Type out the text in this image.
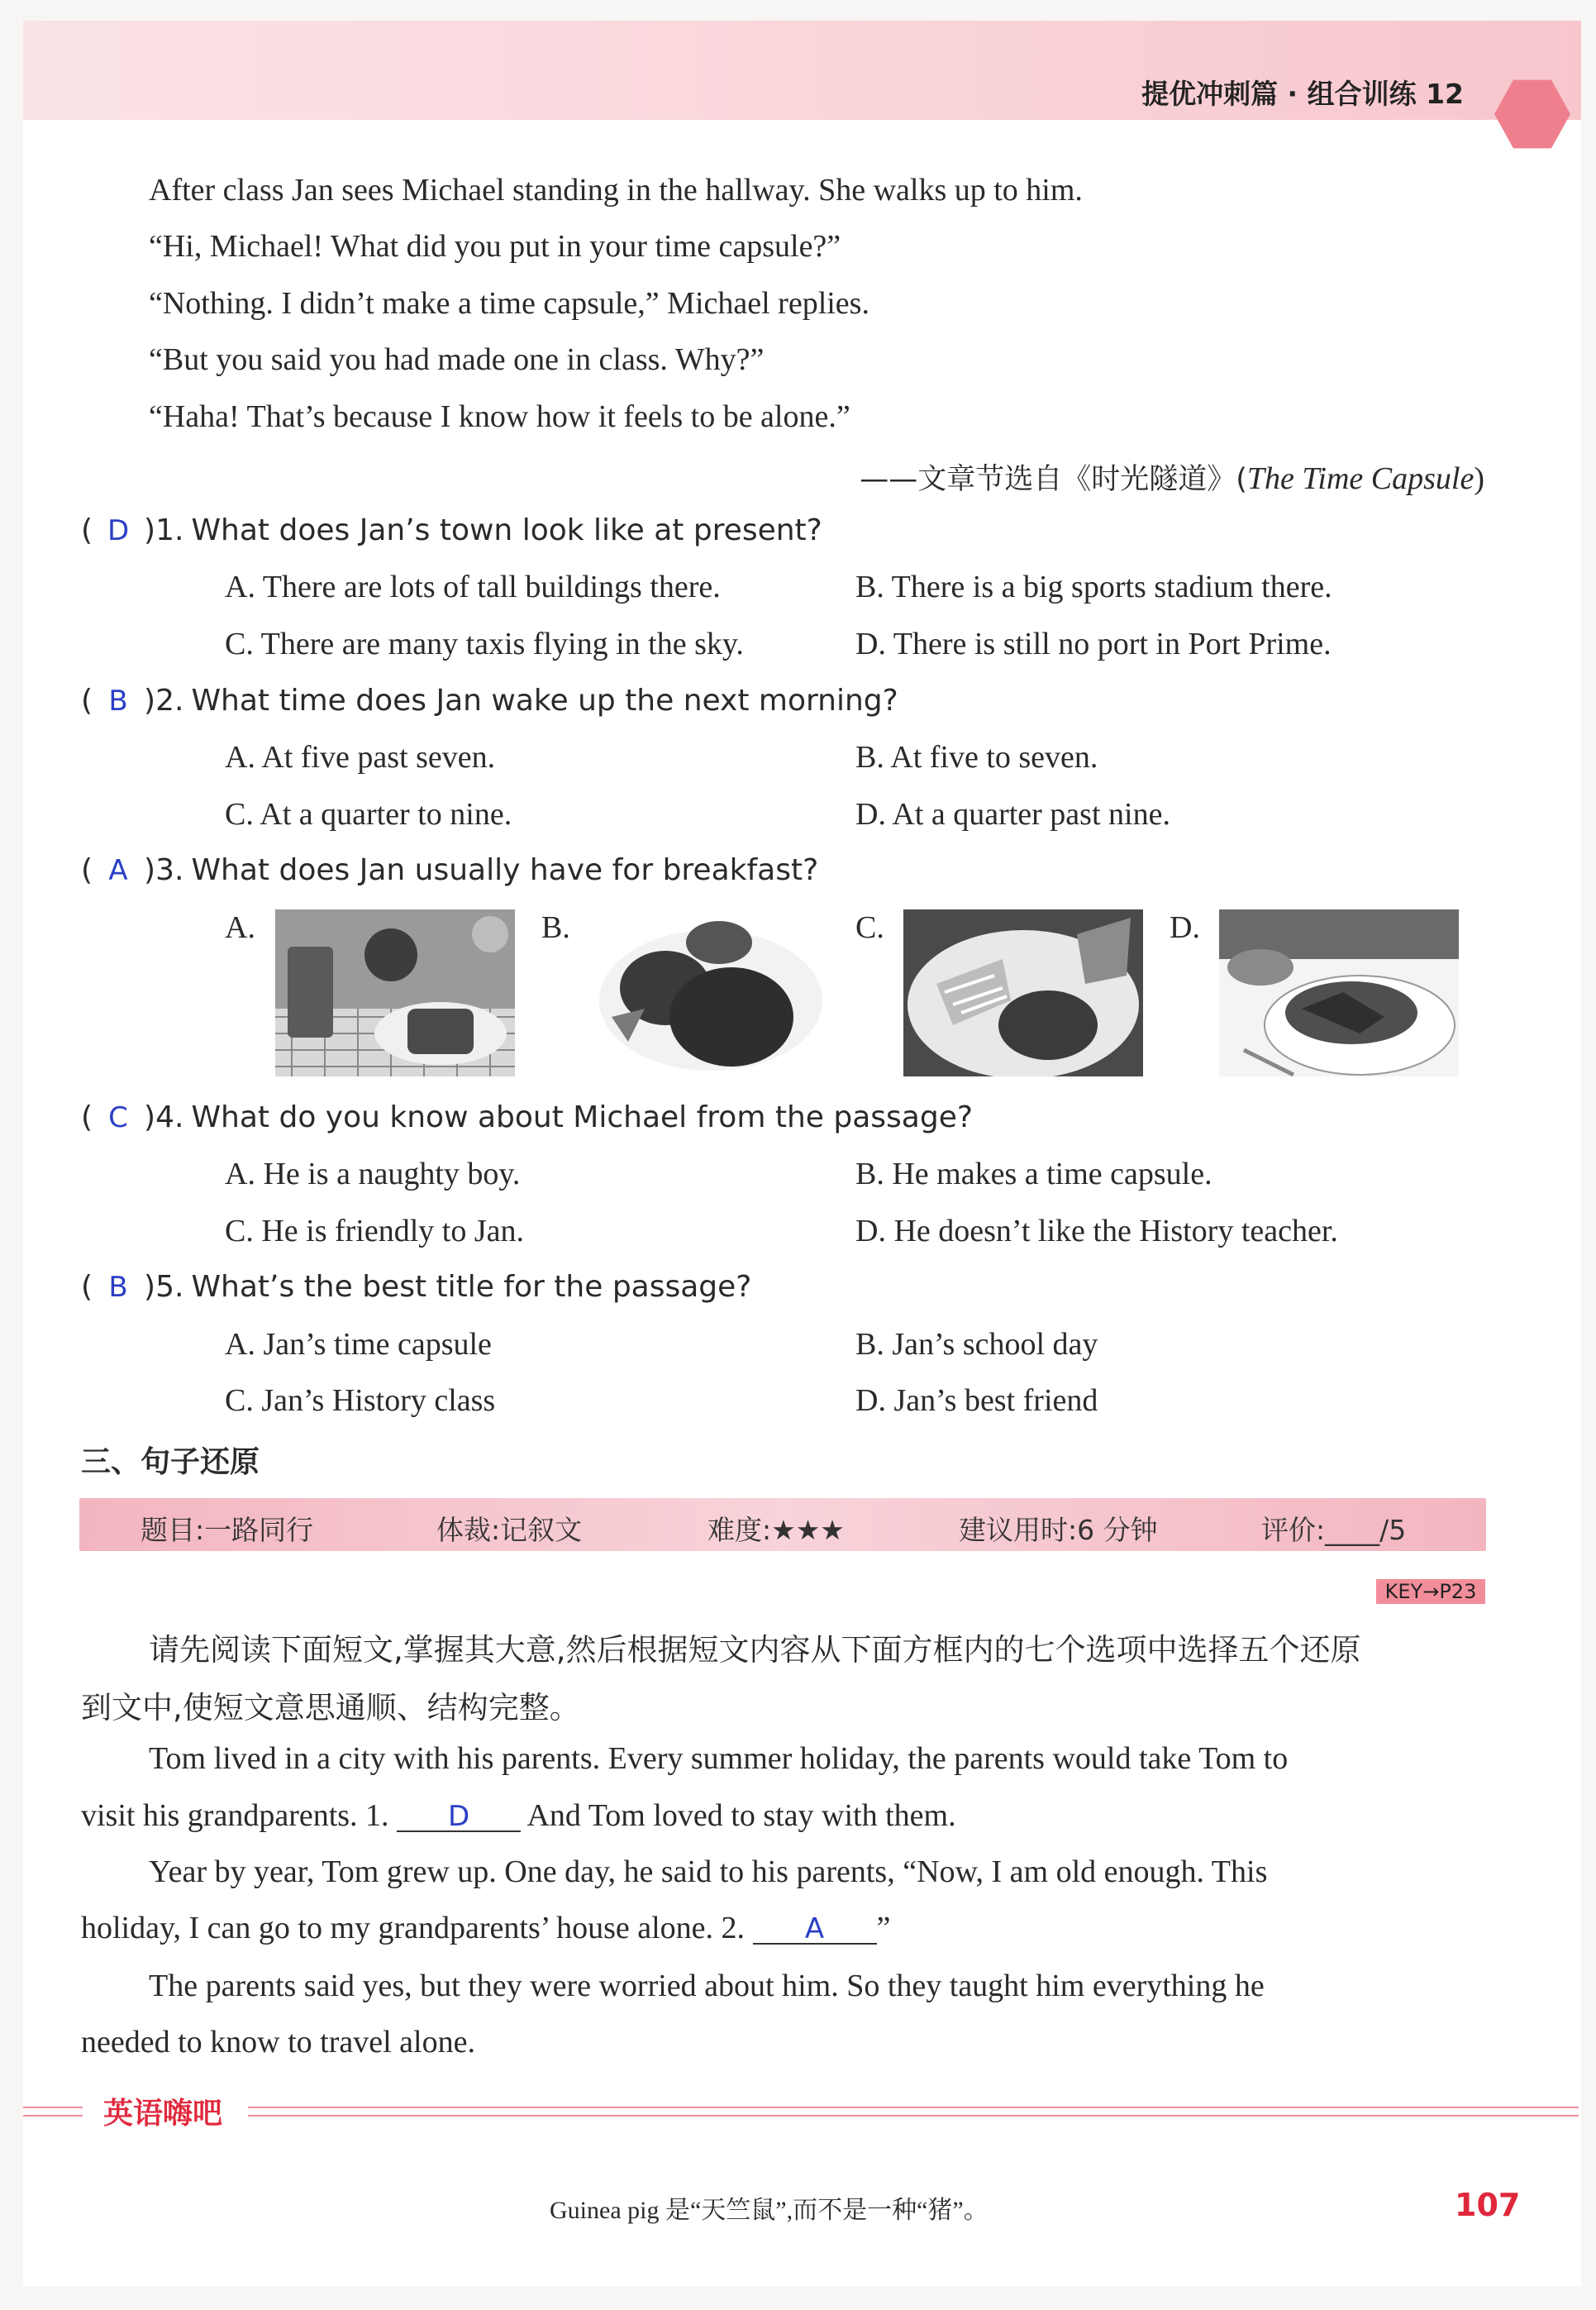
提优冲刺篇 · 组合训练 12
After class Jan sees Michael standing in the hallway. She walks up to him.
“Hi, Michael! What did you put in your time capsule?”
“Nothing. I didn’t make a time capsule,” Michael replies.
“But you said you had made one in class. Why?”
“Haha! That’s because I know how it feels to be alone.”
——文章节选自《时光隧道》(The Time Capsule)
( D )1. What does Jan’s town look like at present?
A. There are lots of tall buildings there.	B. There is a big sports stadium there.
C. There are many taxis flying in the sky.	D. There is still no port in Port Prime.
( B )2. What time does Jan wake up the next morning?
A. At five past seven.	B. At five to seven.
C. At a quarter to nine.	D. At a quarter past nine.
( A )3. What does Jan usually have for breakfast?
A.	B.	C.	D.
( C )4. What do you know about Michael from the passage?
A. He is a naughty boy.	B. He makes a time capsule.
C. He is friendly to Jan.	D. He doesn’t like the History teacher.
( B )5. What’s the best title for the passage?
A. Jan’s time capsule	B. Jan’s school day
C. Jan’s History class	D. Jan’s best friend
三、句子还原
题目:一路同行	体裁:记叙文	难度:★★★	建议用时:6 分钟	评价:____/5
KEY→P23
请先阅读下面短文,掌握其大意,然后根据短文内容从下面方框内的七个选项中选择五个还原
到文中,使短文意思通顺、结构完整。
Tom lived in a city with his parents. Every summer holiday, the parents would take Tom to
visit his grandparents. 1. D And Tom loved to stay with them.
Year by year, Tom grew up. One day, he said to his parents, “Now, I am old enough. This
holiday, I can go to my grandparents’ house alone. 2. A ”
The parents said yes, but they were worried about him. So they taught him everything he
needed to know to travel alone.
英语嗨吧
Guinea pig 是“天竺鼠”,而不是一种“猪”。	107
